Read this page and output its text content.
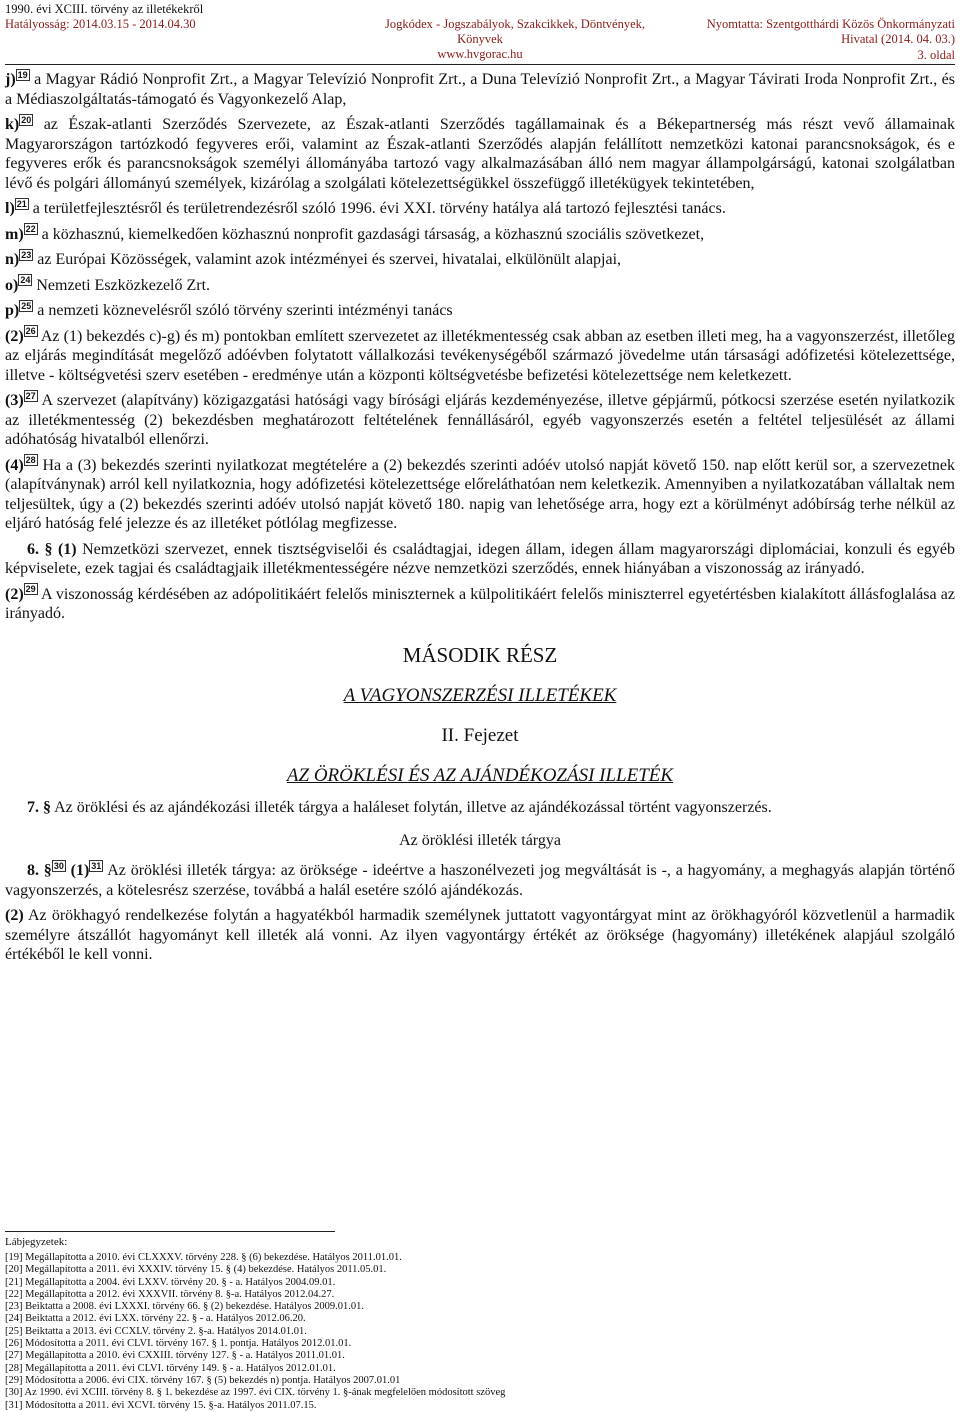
1990. évi XCIII. törvény az illetékekről
Hatályosság: 2014.03.15 - 2014.04.30	Jogkódex - Jogszabályok, Szakcikkek, Döntvények,
Könyvek
www.hvgorac.hu
Nyomtatta: Szentgotthárdi Közös Önkormányzati
Hivatal (2014. 04. 03.)
3. oldal

j) $^{19}$ a Magyar Rádió Nonprofit Zrt., a Magyar Televízió Nonprofit Zrt., a Duna Televízió Nonprofit Zrt., a Magyar Távirati Iroda Nonprofit Zrt., és a Médiaszolgáltatás-támogató és Vagyonkezelő Alap,

k) $^{20}$ az Észak-atlanti Szerződés Szervezete, az Észak-atlanti Szerződés tagállamainak és a Békepartnerség más részt vevő államainak Magyarországon tartózkodó fegyveres erői, valamint az Észak-atlanti Szerződés alapján felállított nemzetközi katonai parancsnokságok, és e fegyveres erők és parancsnokságok személyi állományába tartozó vagy alkalmazásában álló nem magyar állampolgárságú, katonai szolgálatban lévő és polgári állományú személyek, kizárólag a szolgálati kötelezettségükkel összefüggő illetékügyek tekintetében,

l) $^{21}$ a területfejlesztésről és területrendezésről szóló 1996. évi XXI. törvény hatálya alá tartozó fejlesztési tanács.

m) $^{22}$ a közhasznú, kiemelkedően közhasznú nonprofit gazdasági társaság, a közhasznú szociális szövetkezet,

n) $^{23}$ az Európai Közösségek, valamint azok intézményei és szervei, hivatalai, elkülönült alapjai,

o) $^{24}$ Nemzeti Eszközkezelő Zrt.

p) $^{25}$ a nemzeti köznevelésről szóló törvény szerinti intézményi tanács

(2) $^{26}$ Az (1) bekezdés c)-g) és m) pontokban említett szervezetet az illetékmentesség csak abban az esetben illeti meg, ha a vagyonszerzést, illetőleg az eljárás megindítását megelőző adóévben folytatott vállalkozási tevékenységéből származó jövedelme után társasági adófizetési kötelezettsége, illetve - költségvetési szerv esetében - eredménye után a központi költségvetésbe befizetési kötelezettsége nem keletkezett.

(3) $^{27}$ A szervezet (alapítvány) közigazgatási hatósági vagy bírósági eljárás kezdeményezése, illetve gépjármű, pótkocsi szerzése esetén nyilatkozik az illetékmentesség (2) bekezdésben meghatározott feltételének fennállásáról, egyéb vagyonszerzés esetén a feltétel teljesülését az állami adóhatóság hivatalból ellenőrzi.

(4) $^{28}$ Ha a (3) bekezdés szerinti nyilatkozat megtételére a (2) bekezdés szerinti adóév utolsó napját követő 150. nap előtt kerül sor, a szervezetnek (alapítványnak) arról kell nyilatkoznia, hogy adófizetési kötelezettsége előreláthatóan nem keletkezik. Amennyiben a nyilatkozatában vállaltak nem teljesültek, úgy a (2) bekezdés szerinti adóév utolsó napját követő 180. napig van lehetősége arra, hogy ezt a körülményt adóbírság terhe nélkül az eljáró hatóság felé jelezze és az illetéket pótlólag megfizesse.

6. § (1) Nemzetközi szervezet, ennek tisztségviselői és családtagjai, idegen állam, idegen állam magyarországi diplomáciai, konzuli és egyéb képviselete, ezek tagjai és családtagjaik illetékmentességére nézve nemzetközi szerződés, ennek hiányában a viszonosság az irányadó.

(2) $^{29}$ A viszonosság kérdésében az adópolitikáért felelős miniszternek a külpolitikáért felelős miniszterrel egyetértésben kialakított állásfoglalása az irányadó.

MÁSODIK RÉSZ

A VAGYONSZERZÉSI ILLETÉKEK

II. Fejezet

AZ ÖRÖKLÉSI ÉS AZ AJÁNDÉKOZÁSI ILLETÉK

7. § Az öröklési és az ajándékozási illeték tárgya a haláleset folytán, illetve az ajándékozással történt vagyonszerzés.

Az öröklési illeték tárgya

8. § $^{30}$ (1) $^{31}$ Az öröklési illeték tárgya: az öröksége - ideértve a haszonélvezeti jog megváltását is -, a hagyomány, a meghagyás alapján történő vagyonszerzés, a kötelesrész szerzése, továbbá a halál esetére szóló ajándékozás.

(2) Az örökhagyó rendelkezése folytán a hagyatékból harmadik személynek juttatott vagyontárgyat mint az örökhagyóról közvetlenül a harmadik személyre átszállót hagyományt kell illeték alá vonni. Az ilyen vagyontárgy értékét az öröksége (hagyomány) illetékének alapjául szolgáló értékéből le kell vonni.

Lábjegyzetek:
[19] Megállapította a 2010. évi CLXXXV. törvény 228. § (6) bekezdése. Hatályos 2011.01.01.
[20] Megállapította a 2011. évi XXXIV. törvény 15. § (4) bekezdése. Hatályos 2011.05.01.
[21] Megállapította a 2004. évi LXXV. törvény 20. § - a. Hatályos 2004.09.01.
[22] Megállapította a 2012. évi XXXVII. törvény 8. §-a. Hatályos 2012.04.27.
[23] Beiktatta a 2008. évi LXXXI. törvény 66. § (2) bekezdése. Hatályos 2009.01.01.
[24] Beiktatta a 2012. évi LXX. törvény 22. § - a. Hatályos 2012.06.20.
[25] Beiktatta a 2013. évi CCXLV. törvény 2. §-a. Hatályos 2014.01.01.
[26] Módosította a 2011. évi CLVI. törvény 167. § 1. pontja. Hatályos 2012.01.01.
[27] Megállapította a 2010. évi CXXIII. törvény 127. § - a. Hatályos 2011.01.01.
[28] Megállapította a 2011. évi CLVI. törvény 149. § - a. Hatályos 2012.01.01.
[29] Módosította a 2006. évi CIX. törvény 167. § (5) bekezdés n) pontja. Hatályos 2007.01.01
[30] Az 1990. évi XCIII. törvény 8. § 1. bekezdése az 1997. évi CIX. törvény 1. §-ának megfelelően módosított szöveg
[31] Módosította a 2011. évi XCVI. törvény 15. §-a. Hatályos 2011.07.15.
